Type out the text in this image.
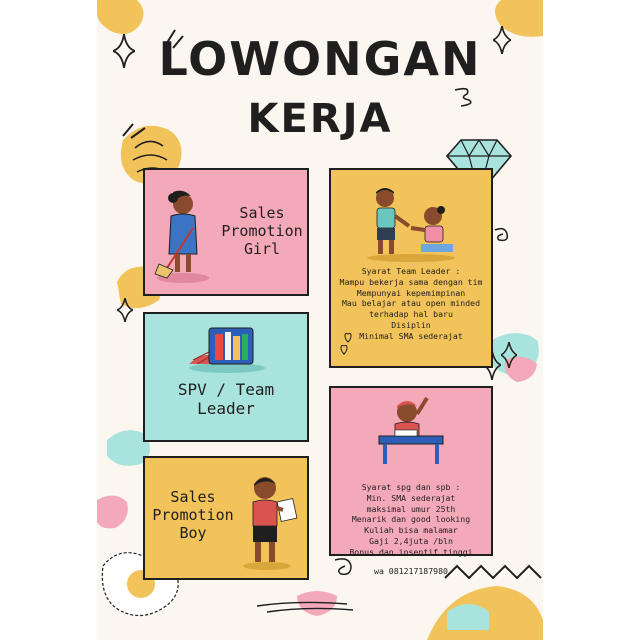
LOWONGAN
KERJA
Sales
Promotion
Girl
Syarat Team Leader :
Mampu bekerja sama dengan tim
Mempunyai kepemimpinan
Mau belajar atau open minded
terhadap hal baru
Disiplin
Minimal SMA sederajat
SPV / Team
Leader
Syarat spg dan spb :
Min. SMA sederajat
maksimal umur 25th
Menarik dan good looking
Kuliah bisa malamar
Gaji 2,4juta /bln
Bonus dan insentif tinggi
wa 081217187980
Sales
Promotion
Boy
